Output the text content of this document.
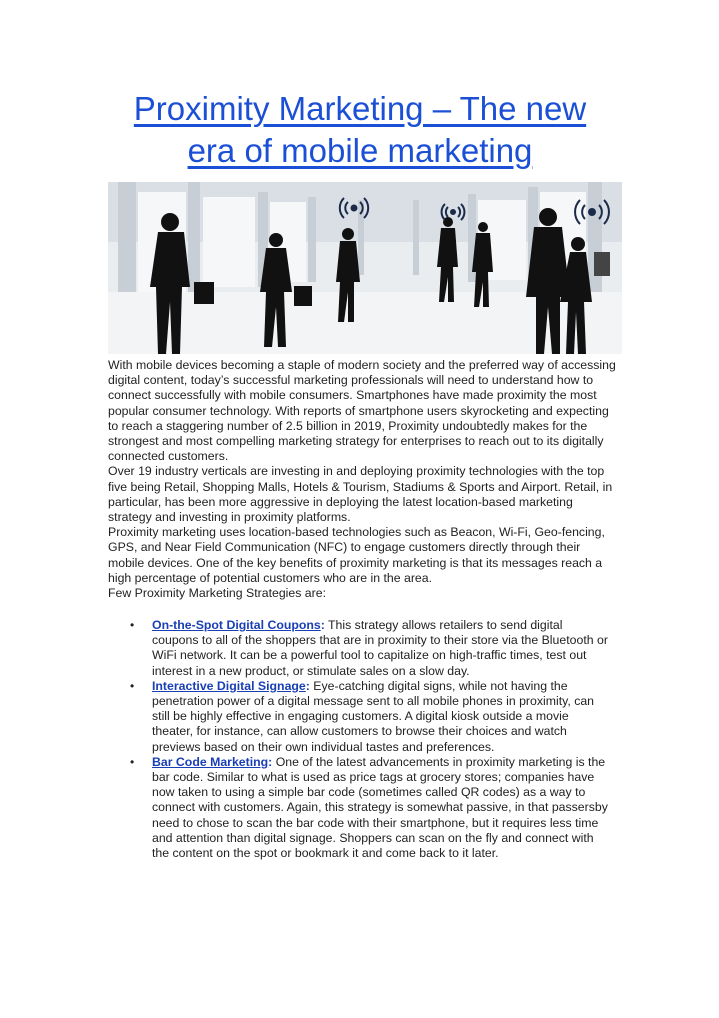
Proximity Marketing – The new
era of mobile marketing

With mobile devices becoming a staple of modern society and the preferred way of accessing digital content, today’s successful marketing professionals will need to understand how to connect successfully with mobile consumers. Smartphones have made proximity the most popular consumer technology. With reports of smartphone users skyrocketing and expecting to reach a staggering number of 2.5 billion in 2019, Proximity undoubtedly makes for the strongest and most compelling marketing strategy for enterprises to reach out to its digitally connected customers.

Over 19 industry verticals are investing in and deploying proximity technologies with the top five being Retail, Shopping Malls, Hotels & Tourism, Stadiums & Sports and Airport. Retail, in particular, has been more aggressive in deploying the latest location-based marketing strategy and investing in proximity platforms.

Proximity marketing uses location-based technologies such as Beacon, Wi-Fi, Geo-fencing, GPS, and Near Field Communication (NFC) to engage customers directly through their mobile devices. One of the key benefits of proximity marketing is that its messages reach a high percentage of potential customers who are in the area.

Few Proximity Marketing Strategies are:

• On-the-Spot Digital Coupons: This strategy allows retailers to send digital coupons to all of the shoppers that are in proximity to their store via the Bluetooth or WiFi network. It can be a powerful tool to capitalize on high-traffic times, test out interest in a new product, or stimulate sales on a slow day.
• Interactive Digital Signage: Eye-catching digital signs, while not having the penetration power of a digital message sent to all mobile phones in proximity, can still be highly effective in engaging customers. A digital kiosk outside a movie theater, for instance, can allow customers to browse their choices and watch previews based on their own individual tastes and preferences.
• Bar Code Marketing: One of the latest advancements in proximity marketing is the bar code. Similar to what is used as price tags at grocery stores; companies have now taken to using a simple bar code (sometimes called QR codes) as a way to connect with customers. Again, this strategy is somewhat passive, in that passersby need to chose to scan the bar code with their smartphone, but it requires less time and attention than digital signage. Shoppers can scan on the fly and connect with the content on the spot or bookmark it and come back to it later.
